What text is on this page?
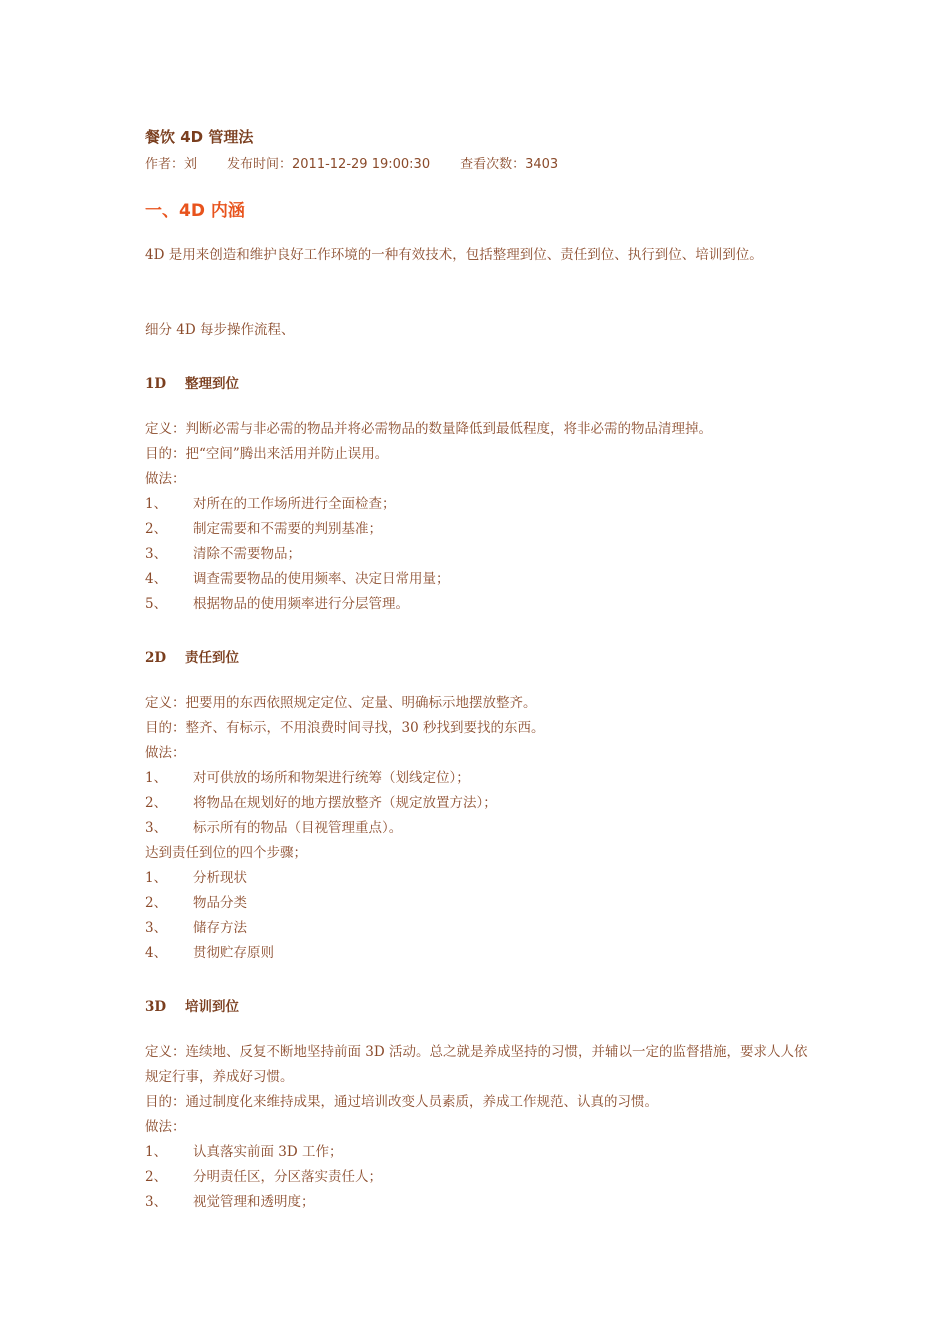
餐饮 4D 管理法
作者：刘 发布时间：2011-12-29 19:00:30 查看次数：3403
一、4D 内涵
4D 是用来创造和维护良好工作环境的一种有效技术，包括整理到位、责任到位、执行到位、培训到位。
细分 4D 每步操作流程、
1D 整理到位
定义：判断必需与非必需的物品并将必需物品的数量降低到最低程度，将非必需的物品清理掉。
目的：把“空间”腾出来活用并防止误用。
做法：
1、 对所在的工作场所进行全面检查；
2、 制定需要和不需要的判别基准；
3、 清除不需要物品；
4、 调查需要物品的使用频率、决定日常用量；
5、 根据物品的使用频率进行分层管理。
2D 责任到位
定义：把要用的东西依照规定定位、定量、明确标示地摆放整齐。
目的：整齐、有标示，不用浪费时间寻找，30 秒找到要找的东西。
做法：
1、 对可供放的场所和物架进行统筹（划线定位）；
2、 将物品在规划好的地方摆放整齐（规定放置方法）；
3、 标示所有的物品（目视管理重点）。
达到责任到位的四个步骤；
1、 分析现状
2、 物品分类
3、 储存方法
4、 贯彻贮存原则
3D 培训到位
定义：连续地、反复不断地坚持前面 3D 活动。总之就是养成坚持的习惯，并辅以一定的监督措施，要求人人依规定行事，养成好习惯。
目的：通过制度化来维持成果，通过培训改变人员素质，养成工作规范、认真的习惯。
做法：
1、 认真落实前面 3D 工作；
2、 分明责任区，分区落实责任人；
3、 视觉管理和透明度；
